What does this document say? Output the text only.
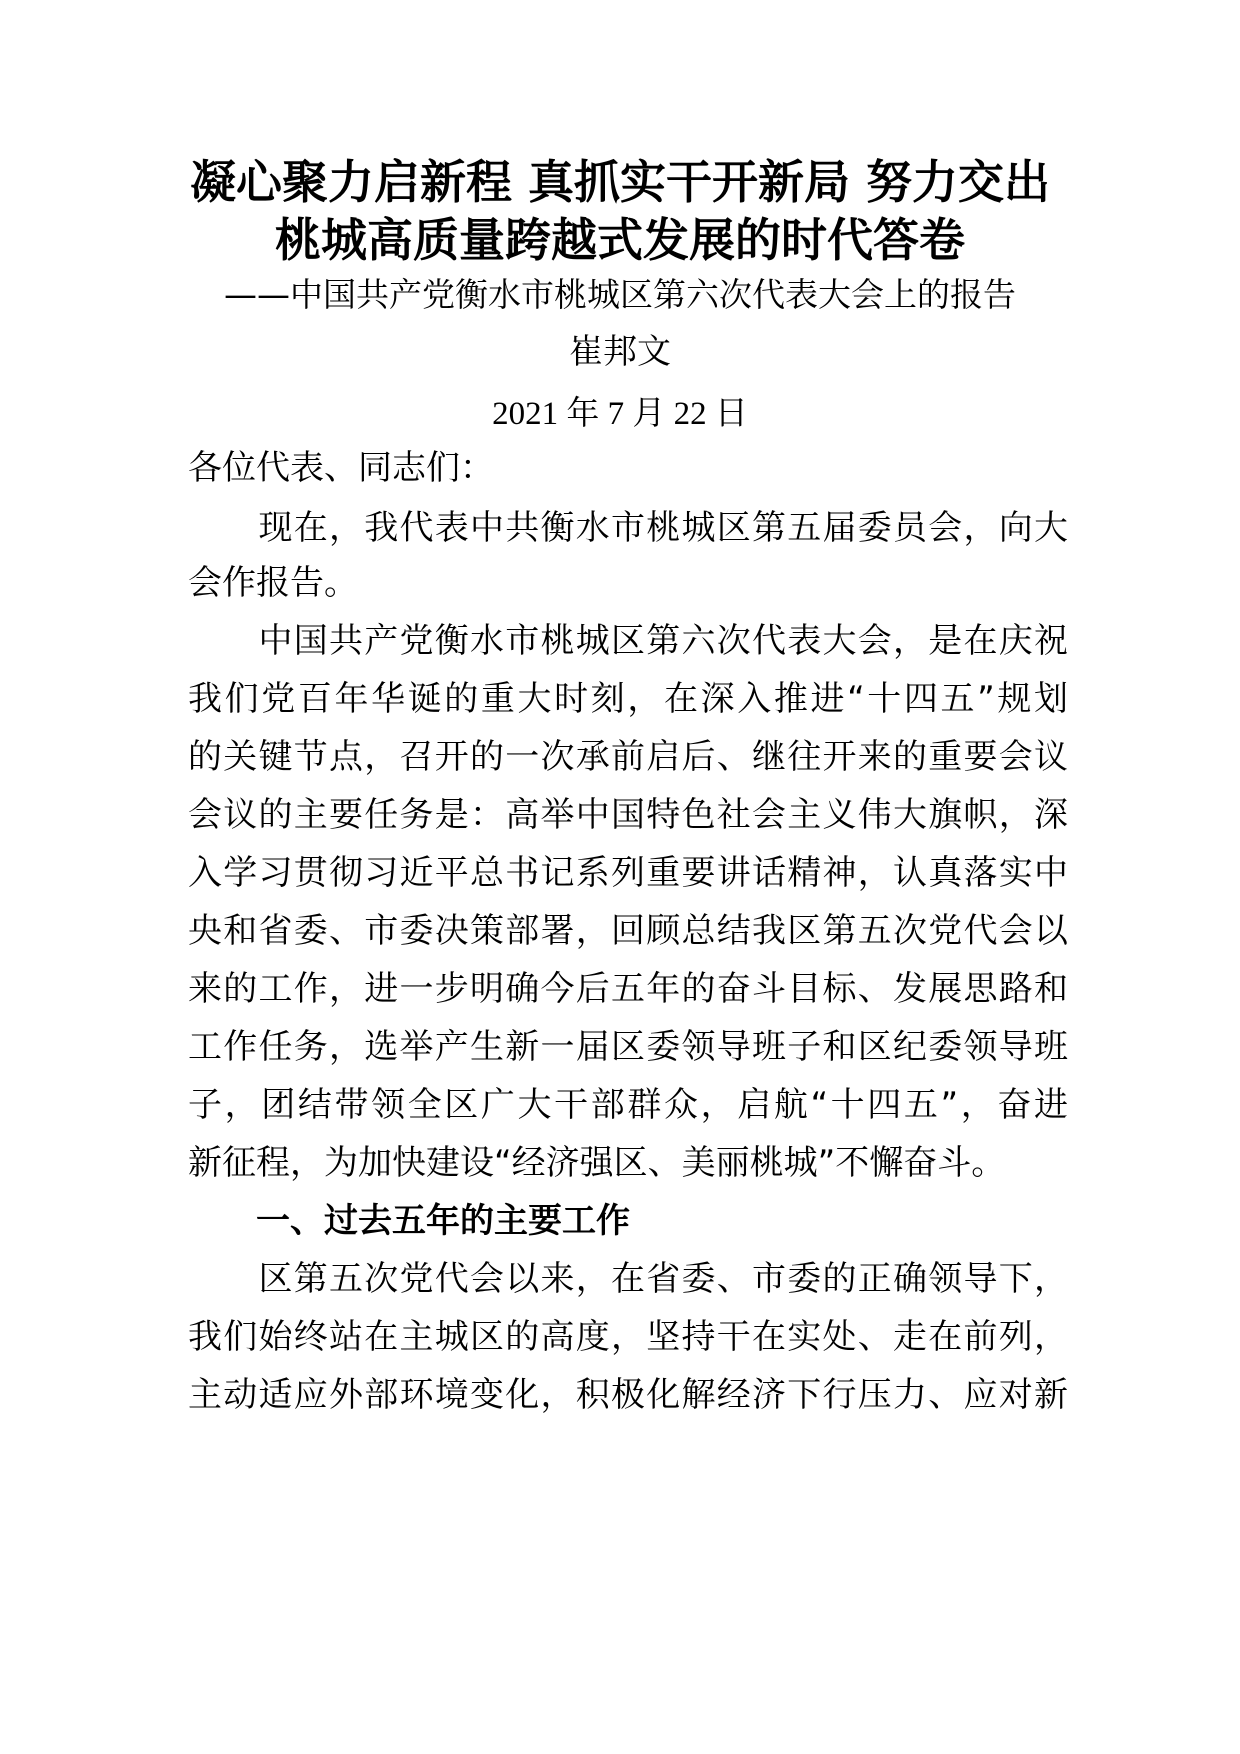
凝心聚力启新程 真抓实干开新局 努力交出
桃城高质量跨越式发展的时代答卷
——中国共产党衡水市桃城区第六次代表大会上的报告
崔邦文
2021 年 7 月 22 日
各位代表、同志们：
　　现在，我代表中共衡水市桃城区第五届委员会，向大
会作报告。
　　中国共产党衡水市桃城区第六次代表大会，是在庆祝
我们党百年华诞的重大时刻，在深入推进“十四五”规划
的关键节点，召开的一次承前启后、继往开来的重要会议
会议的主要任务是：高举中国特色社会主义伟大旗帜，深
入学习贯彻习近平总书记系列重要讲话精神，认真落实中
央和省委、市委决策部署，回顾总结我区第五次党代会以
来的工作，进一步明确今后五年的奋斗目标、发展思路和
工作任务，选举产生新一届区委领导班子和区纪委领导班
子，团结带领全区广大干部群众，启航“十四五”，奋进
新征程，为加快建设“经济强区、美丽桃城”不懈奋斗。
一、过去五年的主要工作
　　区第五次党代会以来，在省委、市委的正确领导下，
我们始终站在主城区的高度，坚持干在实处、走在前列，
主动适应外部环境变化，积极化解经济下行压力、应对新
